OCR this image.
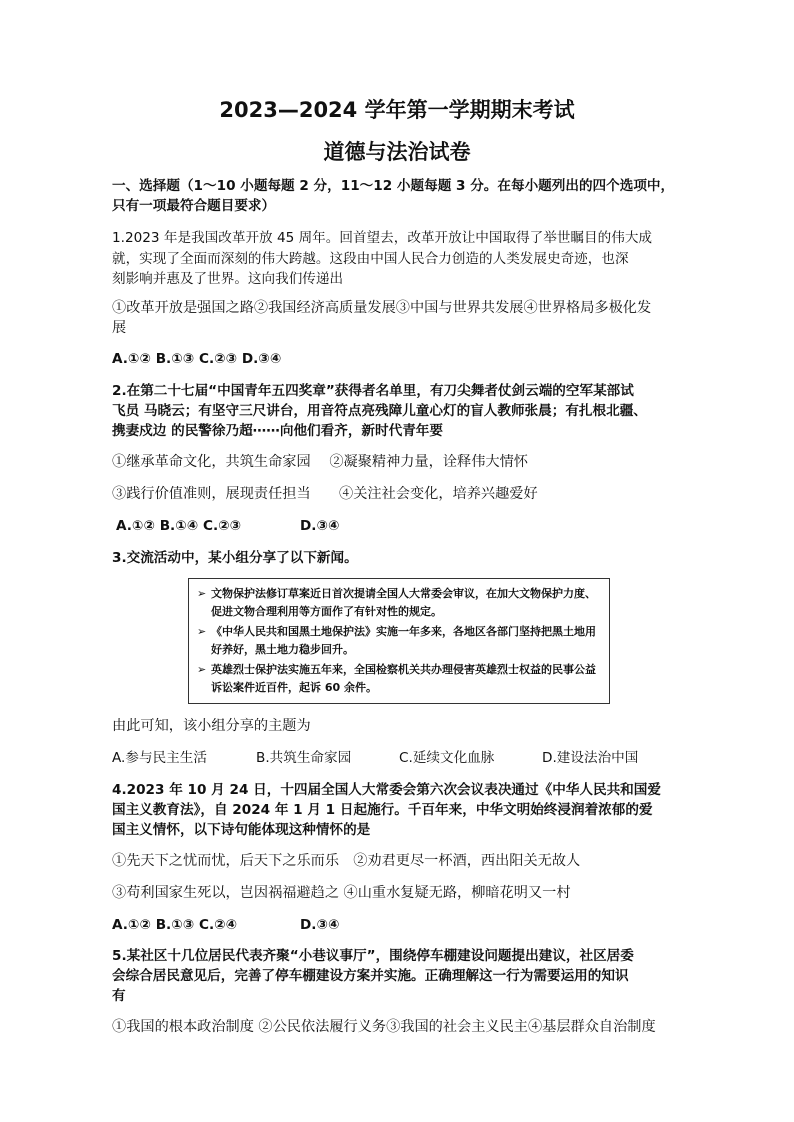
2023—2024 学年第一学期期末考试
道德与法治试卷
一、选择题（1～10 小题每题 2 分，11～12 小题每题 3 分。在每小题列出的四个选项中，
只有一项最符合题目要求）
1.2023 年是我国改革开放 45 周年。回首望去，改革开放让中国取得了举世瞩目的伟大成
就，实现了全面而深刻的伟大跨越。这段由中国人民合力创造的人类发展史奇迹，也深
刻影响并惠及了世界。这向我们传递出
①改革开放是强国之路②我国经济高质量发展③中国与世界共发展④世界格局多极化发
展
A.①② B.①③ C.②③ D.③④
2.在第二十七届“中国青年五四奖章”获得者名单里，有刀尖舞者仗剑云端的空军某部试
飞员 马晓云；有坚守三尺讲台，用音符点亮残障儿童心灯的盲人教师张晨；有扎根北疆、
携妻戍边 的民警徐乃超⋯⋯向他们看齐，新时代青年要
①继承革命文化，共筑生命家园　 ②凝聚精神力量，诠释伟大情怀
③践行价值准则，展现责任担当　　④关注社会变化，培养兴趣爱好
A.①② B.①④ C.②③	D.③④
3.交流活动中，某小组分享了以下新闻。
➢ 文物保护法修订草案近日首次提请全国人大常委会审议，在加大文物保护力度、
促进文物合理利用等方面作了有针对性的规定。
➢ 《中华人民共和国黑土地保护法》实施一年多来，各地区各部门坚持把黑土地用
好养好，黑土地力稳步回升。
➢ 英雄烈士保护法实施五年来，全国检察机关共办理侵害英雄烈士权益的民事公益
诉讼案件近百件，起诉 60 余件。
由此可知，该小组分享的主题为
A.参与民主生活	B.共筑生命家园	C.延续文化血脉	D.建设法治中国
4.2023 年 10 月 24 日，十四届全国人大常委会第六次会议表决通过《中华人民共和国爱
国主义教育法》，自 2024 年 1 月 1 日起施行。千百年来，中华文明始终浸润着浓郁的爱
国主义情怀，以下诗句能体现这种情怀的是
①先天下之忧而忧，后天下之乐而乐　②劝君更尽一杯酒，西出阳关无故人
③苟利国家生死以，岂因祸福避趋之 ④山重水复疑无路，柳暗花明又一村
A.①② B.①③ C.②④	D.③④
5.某社区十几位居民代表齐聚“小巷议事厅”，围绕停车棚建设问题提出建议，社区居委
会综合居民意见后，完善了停车棚建设方案并实施。正确理解这一行为需要运用的知识
有
①我国的根本政治制度 ②公民依法履行义务③我国的社会主义民主④基层群众自治制度
